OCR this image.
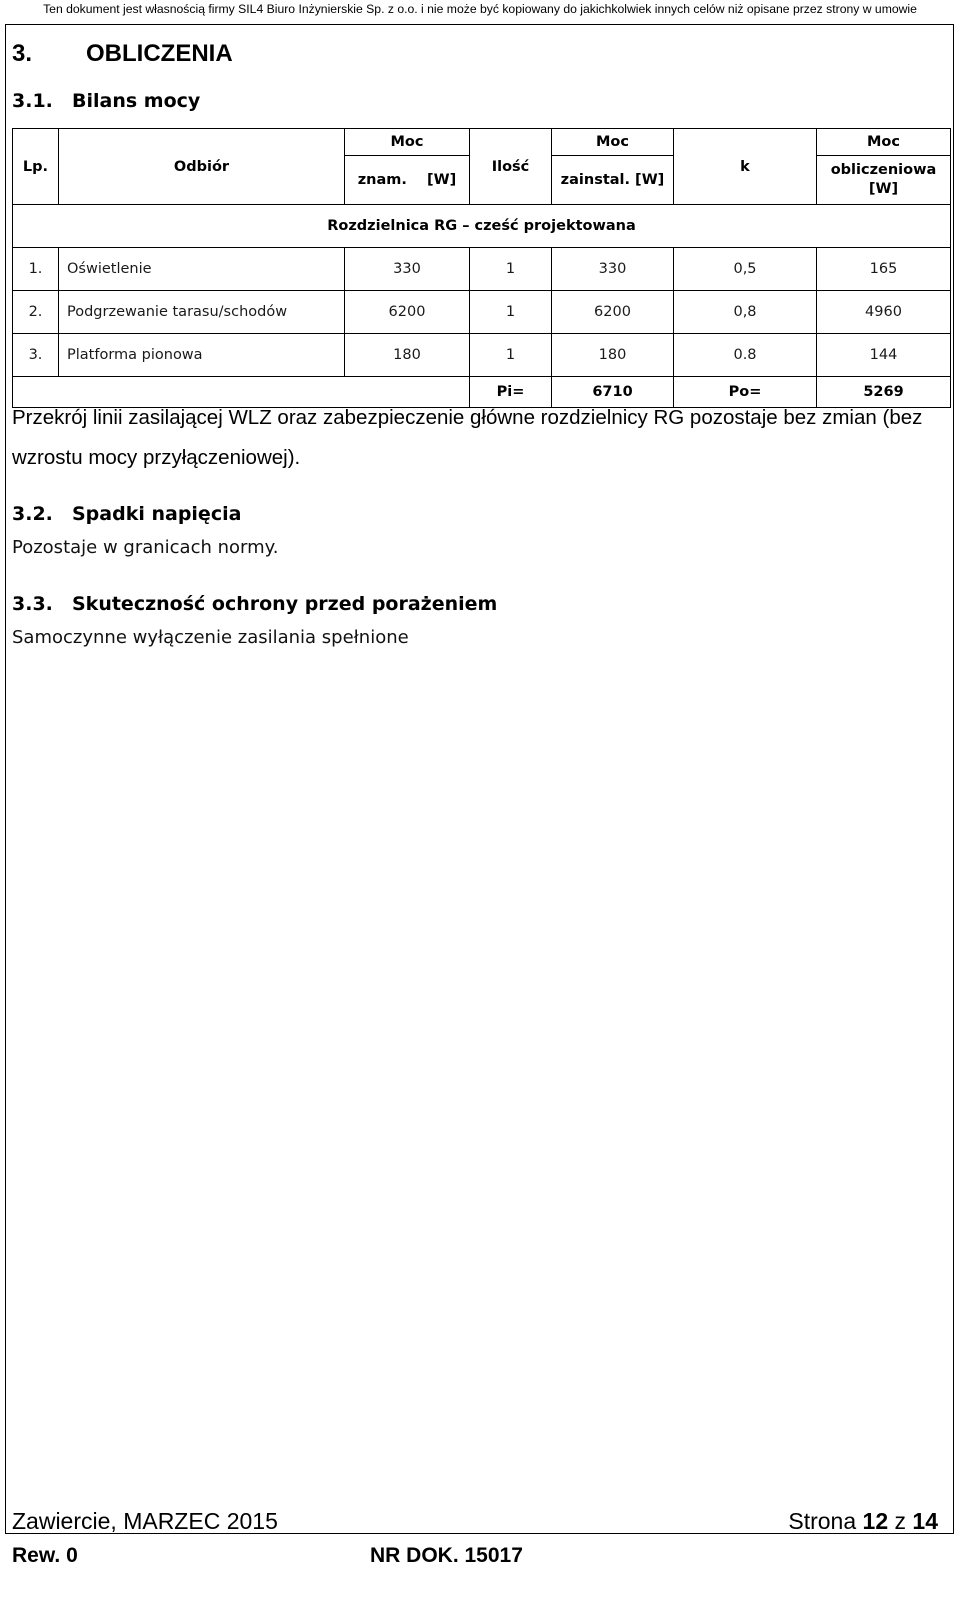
Ten dokument jest własnością firmy SIL4 Biuro Inżynierskie Sp. z o.o. i nie może być kopiowany do jakichkolwiek innych celów niż opisane przez strony w umowie
3. OBLICZENIA
3.1. Bilans mocy
Lp.	Odbiór	Moc	Ilość	Moc	k	Moc
		znam.    [W]		zainstal. [W]		obliczeniowa [W]
Rozdzielnica RG – cześć projektowana						
1.	Oświetlenie	330	1	330	0,5	165
2.	Podgrzewanie tarasu/schodów	6200	1	6200	0,8	4960
3.	Platforma pionowa	180	1	180	0.8	144
			Pi=	6710	Po=	5269
Przekrój linii zasilającej WLZ oraz zabezpieczenie główne rozdzielnicy RG pozostaje bez zmian (bez wzrostu mocy przyłączeniowej).
3.2. Spadki napięcia
Pozostaje w granicach normy.
3.3. Skuteczność ochrony przed porażeniem
Samoczynne wyłączenie zasilania spełnione
Zawiercie, MARZEC 2015	Strona 12 z 14
Rew. 0	NR DOK. 15017
